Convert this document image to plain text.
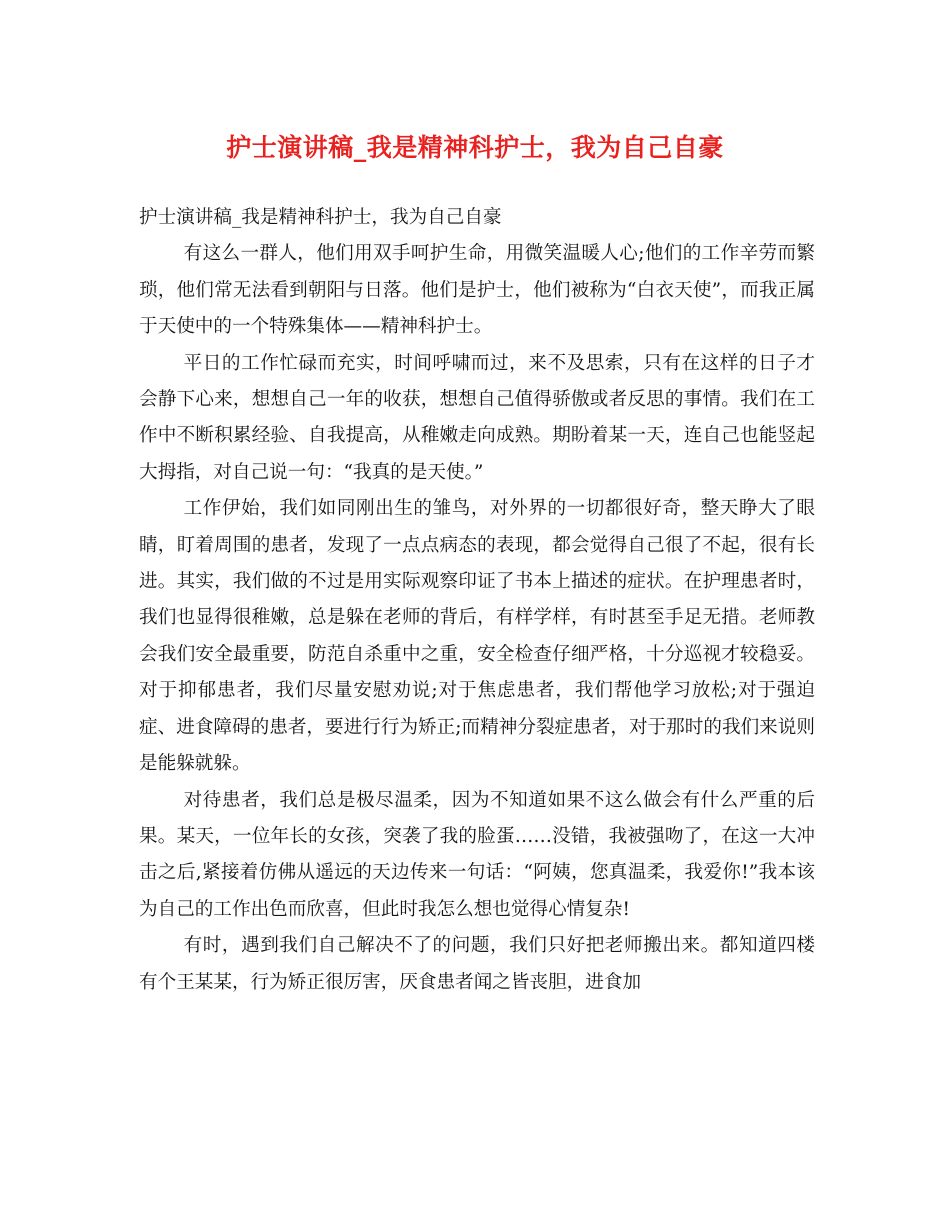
护士演讲稿_我是精神科护士，我为自己自豪

护士演讲稿_我是精神科护士，我为自己自豪

有这么一群人，他们用双手呵护生命，用微笑温暖人心;他们的工作辛劳而繁琐，他们常无法看到朝阳与日落。他们是护士，他们被称为“白衣天使”，而我正属于天使中的一个特殊集体——精神科护士。

平日的工作忙碌而充实，时间呼啸而过，来不及思索，只有在这样的日子才会静下心来，想想自己一年的收获，想想自己值得骄傲或者反思的事情。我们在工作中不断积累经验、自我提高，从稚嫩走向成熟。期盼着某一天，连自己也能竖起大拇指，对自己说一句：“我真的是天使。”

工作伊始，我们如同刚出生的雏鸟，对外界的一切都很好奇，整天睁大了眼睛，盯着周围的患者，发现了一点点病态的表现，都会觉得自己很了不起，很有长进。其实，我们做的不过是用实际观察印证了书本上描述的症状。在护理患者时，我们也显得很稚嫩，总是躲在老师的背后，有样学样，有时甚至手足无措。老师教会我们安全最重要，防范自杀重中之重，安全检查仔细严格，十分巡视才较稳妥。对于抑郁患者，我们尽量安慰劝说;对于焦虑患者，我们帮他学习放松;对于强迫症、进食障碍的患者，要进行行为矫正;而精神分裂症患者，对于那时的我们来说则是能躲就躲。

对待患者，我们总是极尽温柔，因为不知道如果不这么做会有什么严重的后果。某天，一位年长的女孩，突袭了我的脸蛋……没错，我被强吻了，在这一大冲击之后,紧接着仿佛从遥远的天边传来一句话：“阿姨，您真温柔，我爱你!”我本该为自己的工作出色而欣喜，但此时我怎么想也觉得心情复杂!

有时，遇到我们自己解决不了的问题，我们只好把老师搬出来。都知道四楼有个王某某，行为矫正很厉害，厌食患者闻之皆丧胆，进食加
